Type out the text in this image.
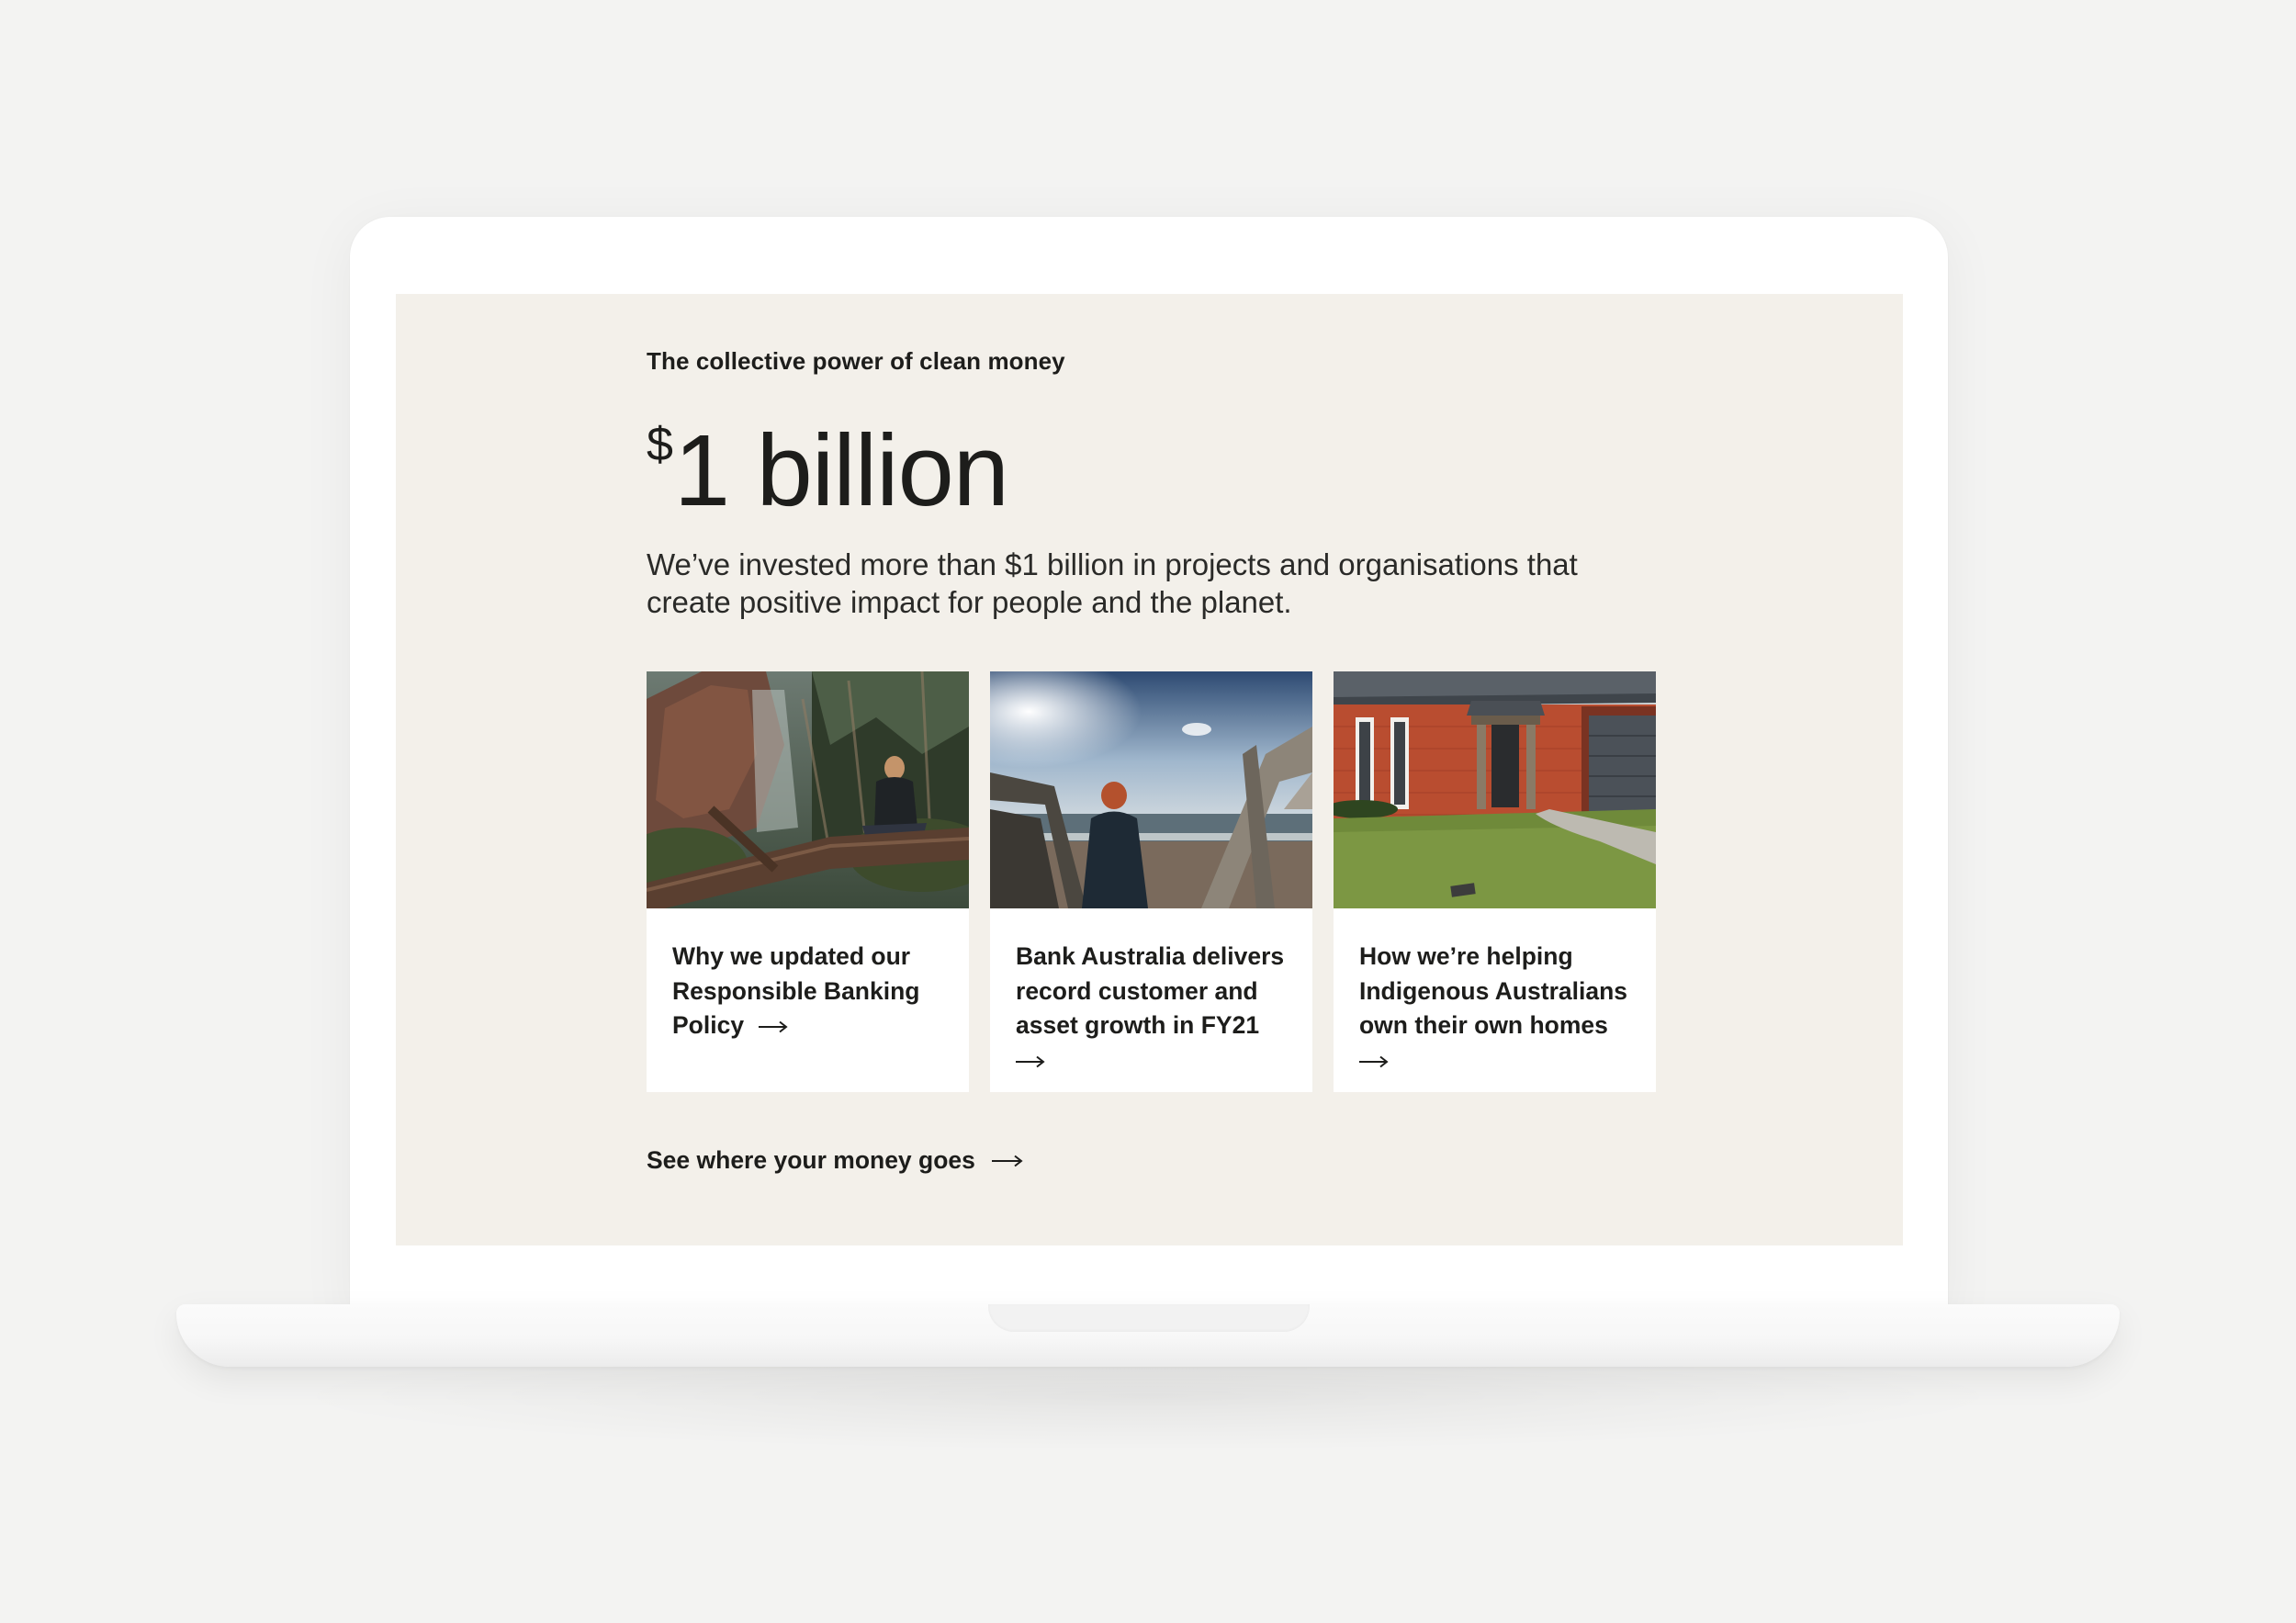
The collective power of clean money
$1 billion
We’ve invested more than $1 billion in projects and organisations that create positive impact for people and the planet.
Why we updated our Responsible Banking Policy
Bank Australia delivers record customer and asset growth in FY21

How we’re helping Indigenous Australians own their own homes

See where your money goes
